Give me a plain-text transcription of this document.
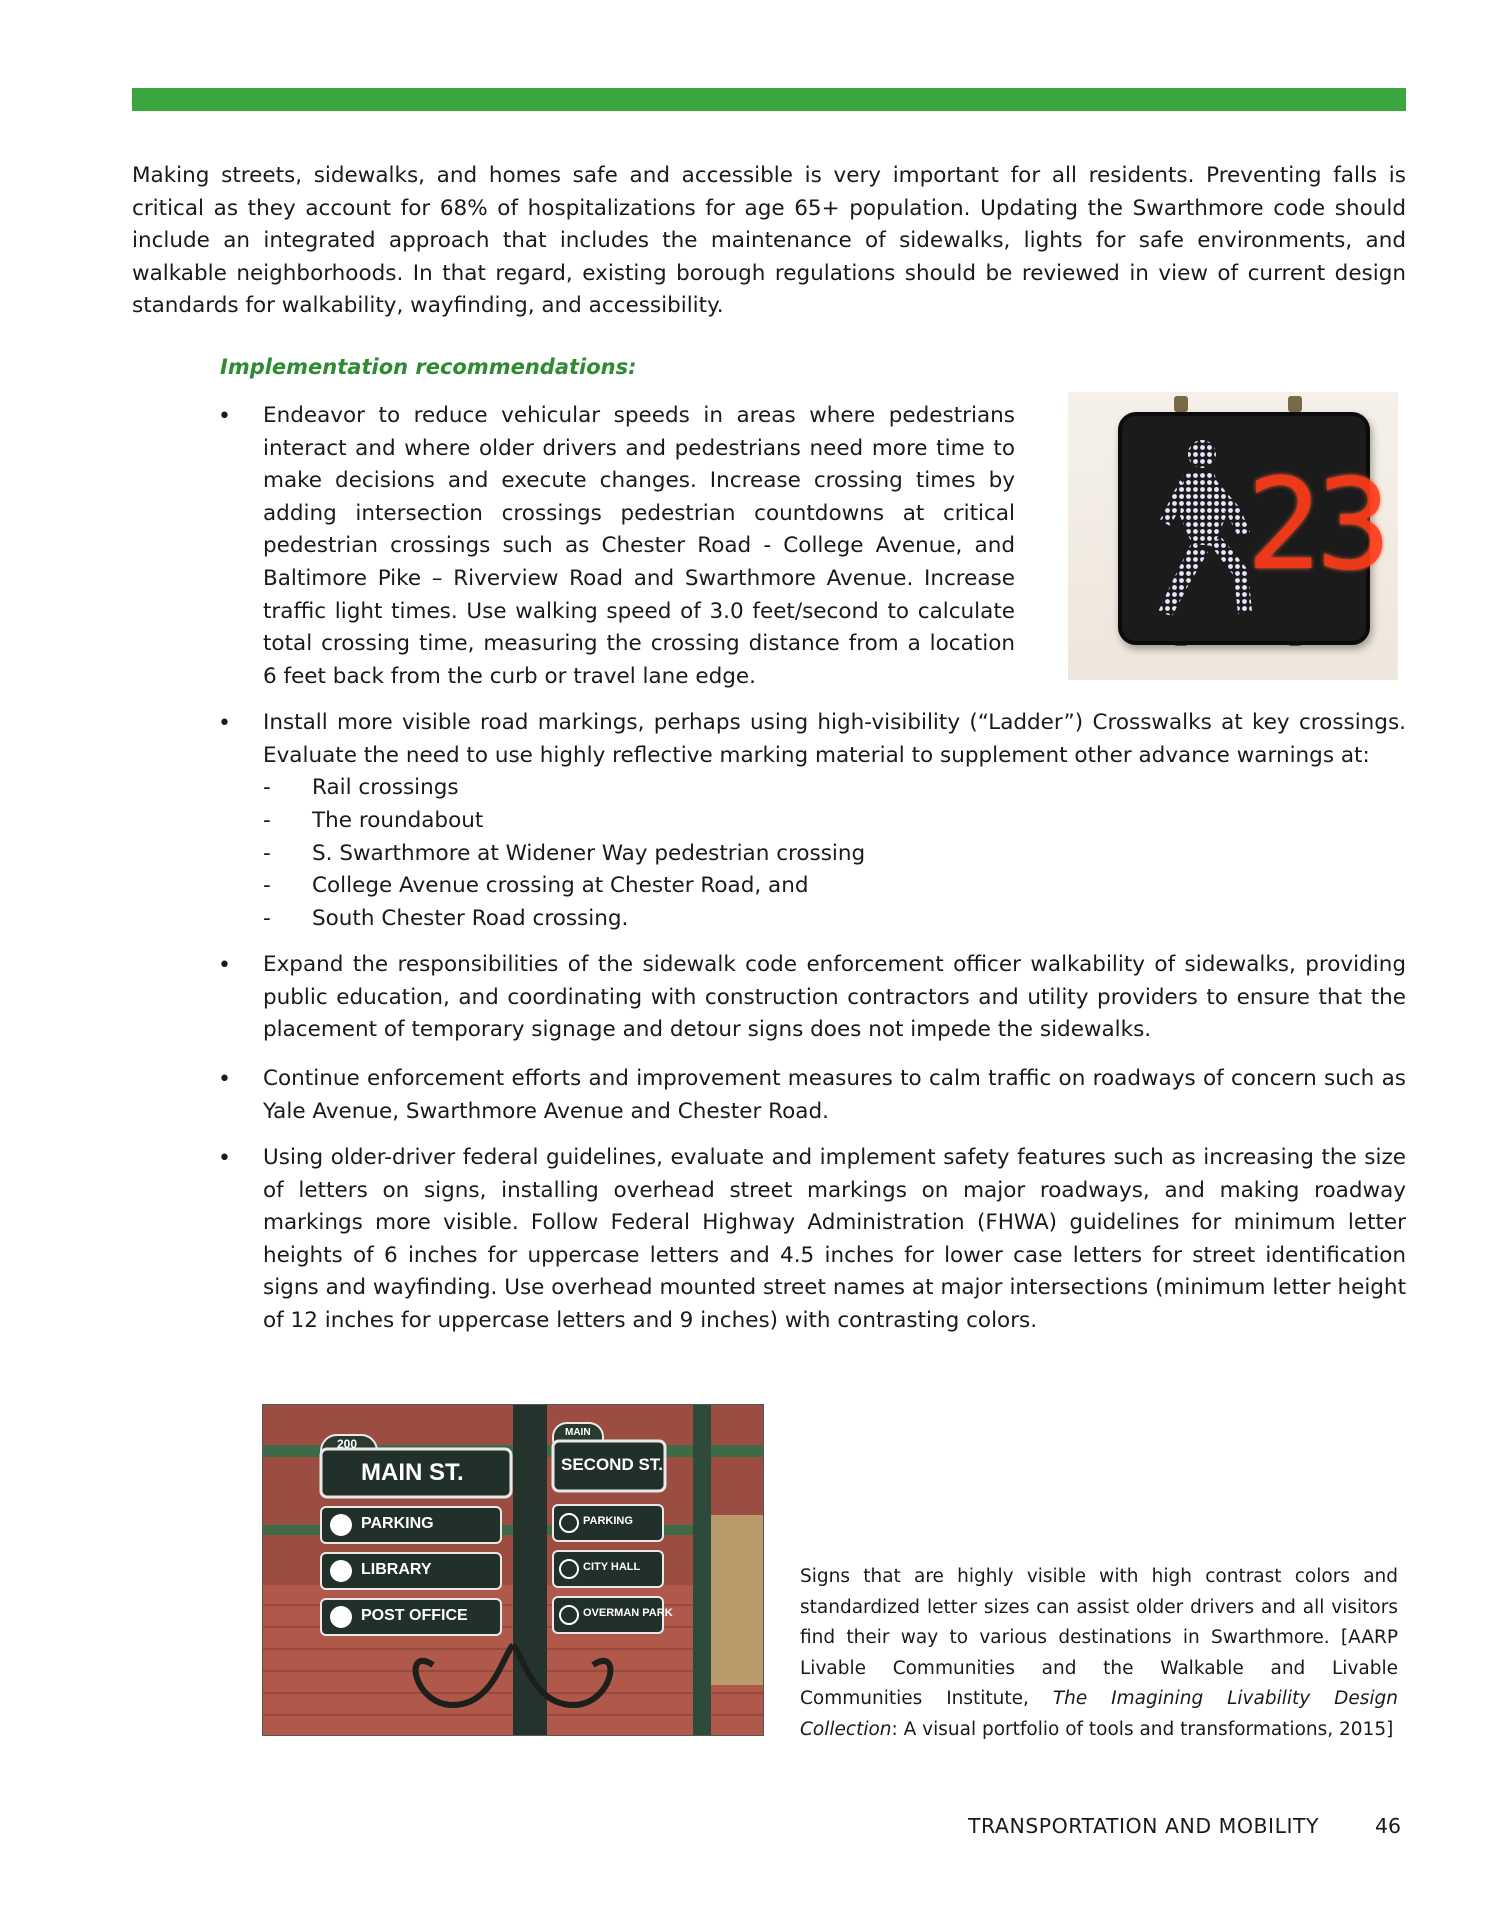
Making streets, sidewalks, and homes safe and accessible is very important for all residents. Preventing falls is critical as they account for 68% of hospitalizations for age 65+ population. Updating the Swarthmore code should include an integrated approach that includes the maintenance of sidewalks, lights for safe environments, and walkable neighborhoods. In that regard, existing borough regulations should be reviewed in view of current design standards for walkability, wayfinding, and accessibility.

Implementation recommendations:

• Endeavor to reduce vehicular speeds in areas where pedestrians interact and where older drivers and pedestrians need more time to make decisions and execute changes. Increase crossing times by adding intersection crossings pedestrian countdowns at critical pedestrian crossings such as Chester Road - College Avenue, and Baltimore Pike – Riverview Road and Swarthmore Avenue. Increase traffic light times. Use walking speed of 3.0 feet/second to calculate total crossing time, measuring the crossing distance from a location 6 feet back from the curb or travel lane edge.

23
• Install more visible road markings, perhaps using high-visibility (“Ladder”) Crosswalks at key crossings. Evaluate the need to use highly reflective marking material to supplement other advance warnings at:

- Rail crossings
- The roundabout
- S. Swarthmore at Widener Way pedestrian crossing
- College Avenue crossing at Chester Road, and
- South Chester Road crossing.
• Expand the responsibilities of the sidewalk code enforcement officer walkability of sidewalks, providing public education, and coordinating with construction contractors and utility providers to ensure that the placement of temporary signage and detour signs does not impede the sidewalks.

• Continue enforcement efforts and improvement measures to calm traffic on roadways of concern such as Yale Avenue, Swarthmore Avenue and Chester Road.

• Using older-driver federal guidelines, evaluate and implement safety features such as increasing the size of letters on signs, installing overhead street markings on major roadways, and making roadway markings more visible. Follow Federal Highway Administration (FHWA) guidelines for minimum letter heights of 6 inches for uppercase letters and 4.5 inches for lower case letters for street identification signs and wayfinding. Use overhead mounted street names at major intersections (minimum letter height of 12 inches for uppercase letters and 9 inches) with contrasting colors.

200
MAIN ST.
PARKING
LIBRARY
POST OFFICE
MAIN
SECOND ST.
PARKING
CITY HALL
OVERMAN PARK

Signs that are highly visible with high contrast colors and standardized letter sizes can assist older drivers and all visitors find their way to various destinations in Swarthmore. [AARP Livable Communities and the Walkable and Livable Communities Institute, The Imagining Livability Design Collection: A visual portfolio of tools and transformations, 2015]

TRANSPORTATION AND MOBILITY	46
